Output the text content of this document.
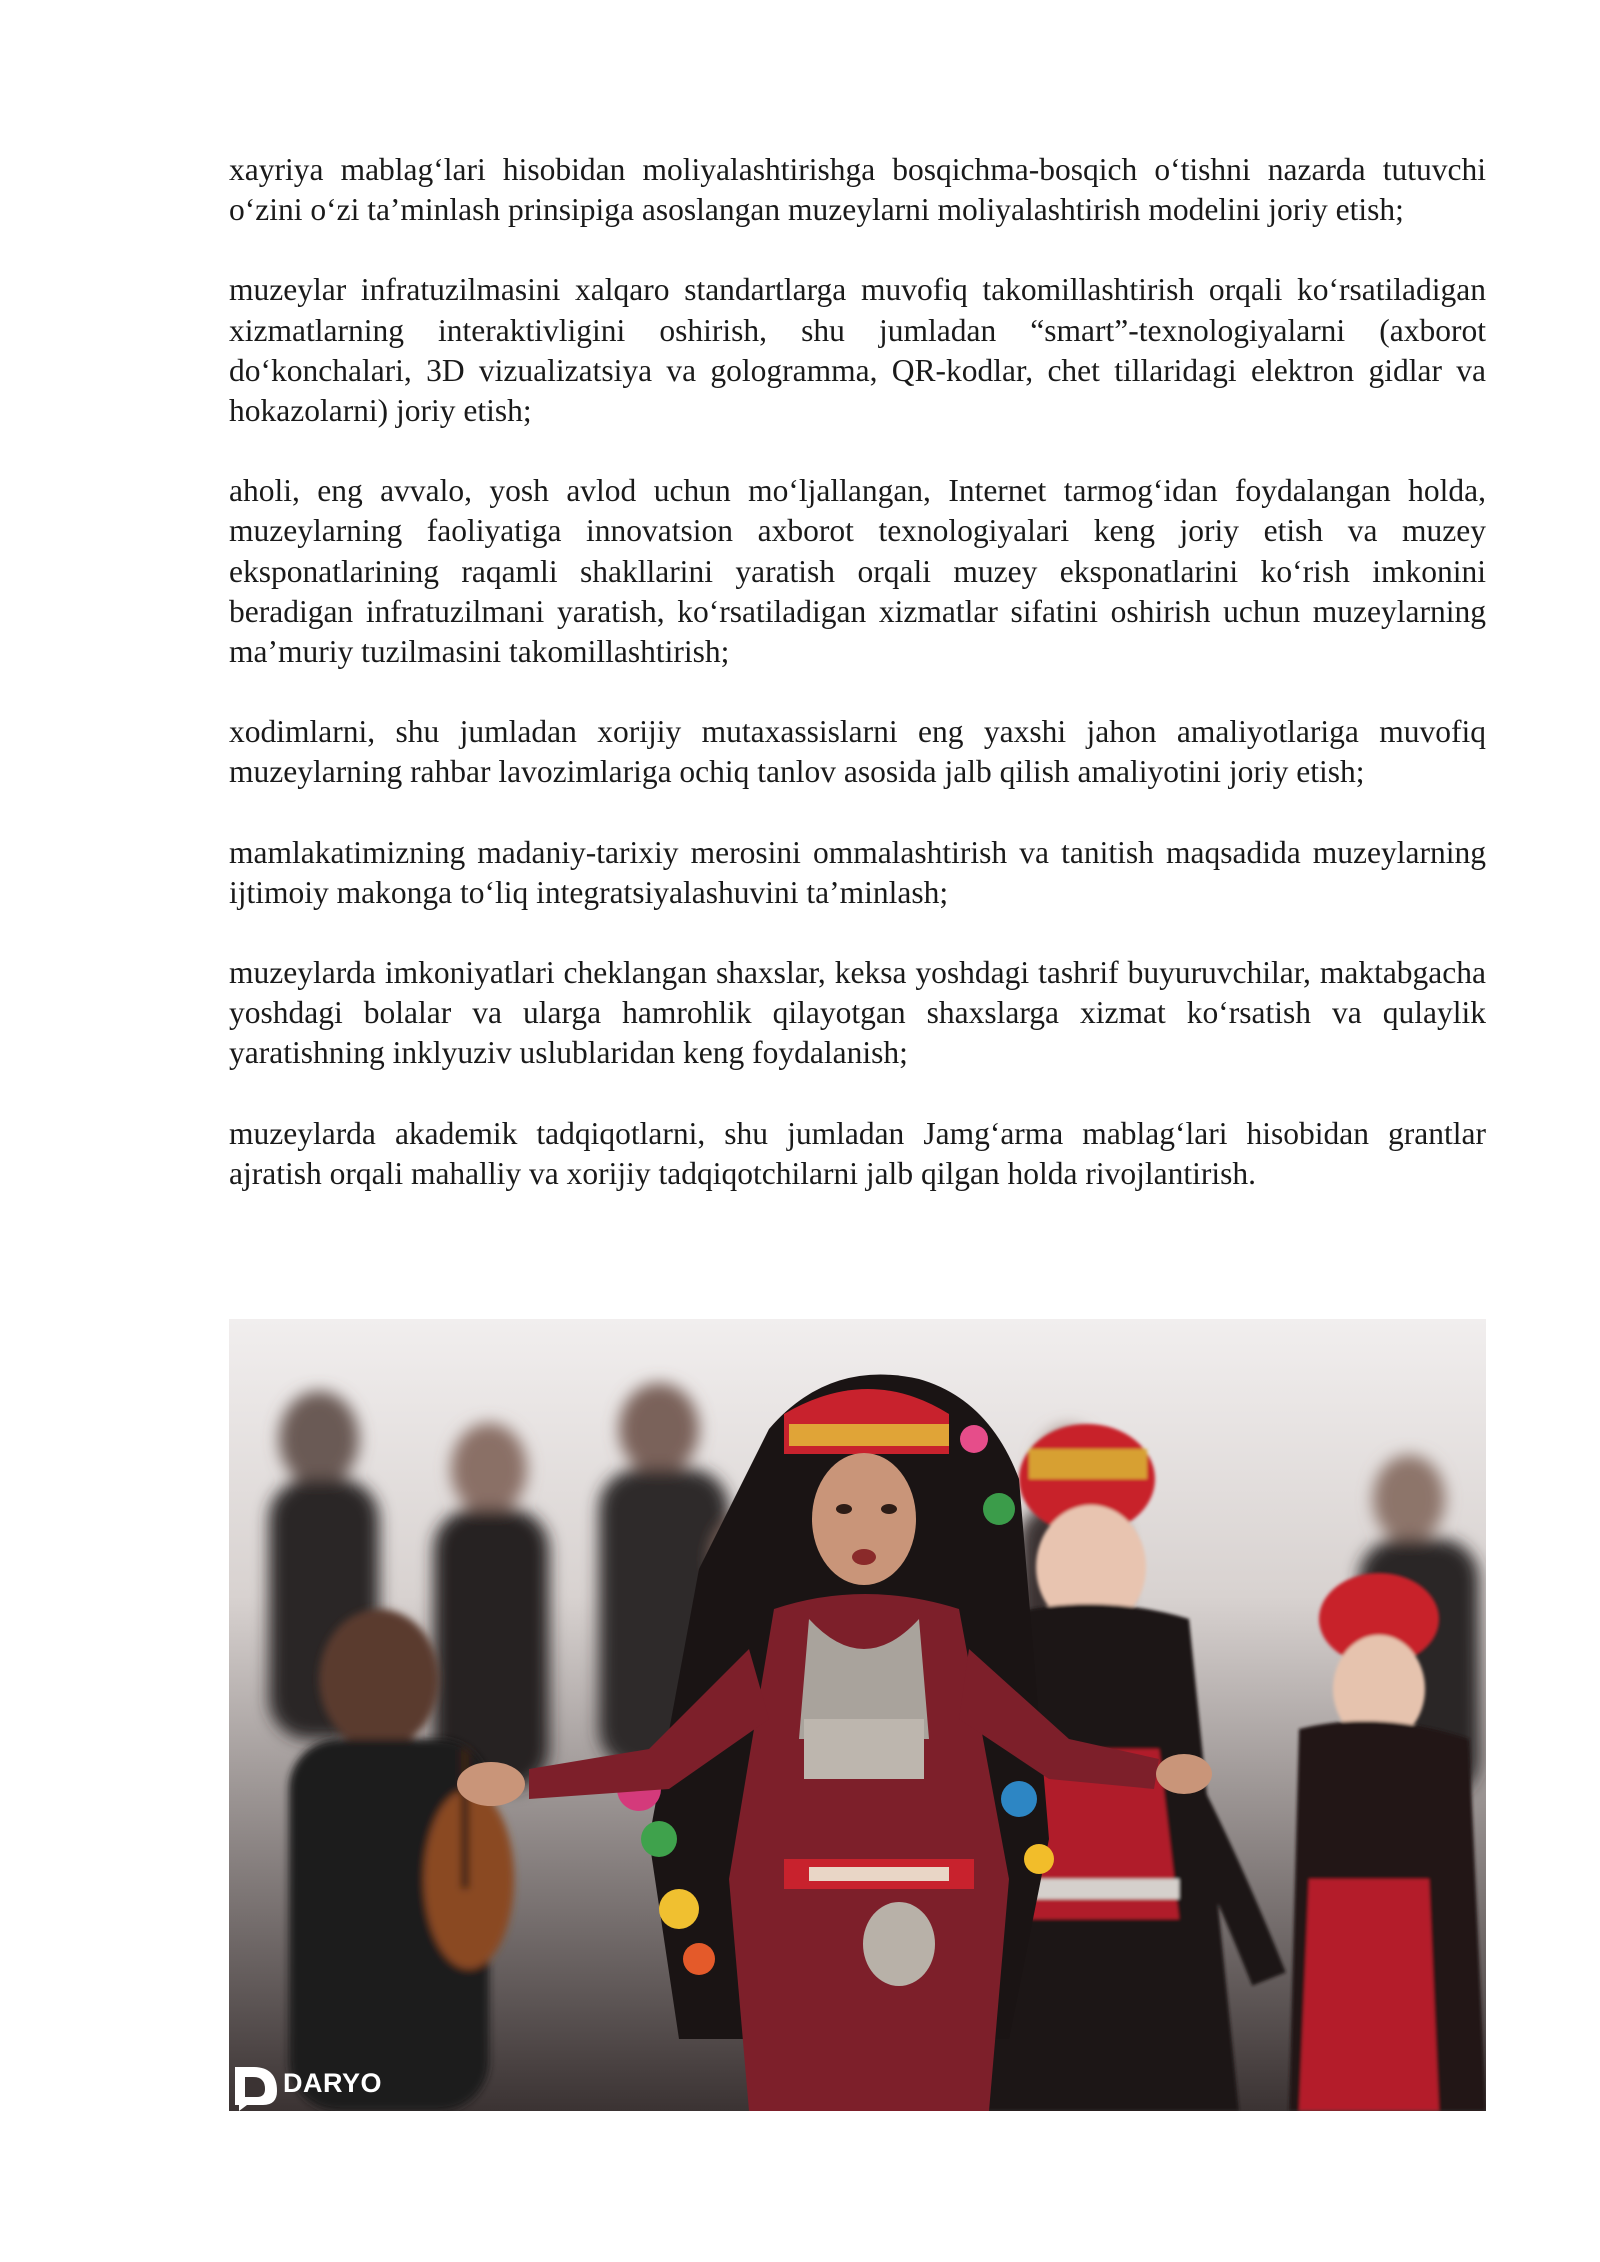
xayriya mablag‘lari hisobidan moliyalashtirishga bosqichma-bosqich o‘tishni nazarda tutuvchi o‘zini o‘zi ta’minlash prinsipiga asoslangan muzeylarni moliyalashtirish modelini joriy etish;

muzeylar infratuzilmasini xalqaro standartlarga muvofiq takomillashtirish orqali ko‘rsatiladigan xizmatlarning interaktivligini oshirish, shu jumladan “smart”-texnologiyalarni (axborot do‘konchalari, 3D vizualizatsiya va gologramma, QR-kodlar, chet tillaridagi elektron gidlar va hokazolarni) joriy etish;

aholi, eng avvalo, yosh avlod uchun mo‘ljallangan, Internet tarmog‘idan foydalangan holda, muzeylarning faoliyatiga innovatsion axborot texnologiyalari keng joriy etish va muzey eksponatlarining raqamli shakllarini yaratish orqali muzey eksponatlarini ko‘rish imkonini beradigan infratuzilmani yaratish, ko‘rsatiladigan xizmatlar sifatini oshirish uchun muzeylarning ma’muriy tuzilmasini takomillashtirish;

xodimlarni, shu jumladan xorijiy mutaxassislarni eng yaxshi jahon amaliyotlariga muvofiq muzeylarning rahbar lavozimlariga ochiq tanlov asosida jalb qilish amaliyotini joriy etish;

mamlakatimizning madaniy-tarixiy merosini ommalashtirish va tanitish maqsadida muzeylarning ijtimoiy makonga to‘liq integratsiyalashuvini ta’minlash;

muzeylarda imkoniyatlari cheklangan shaxslar, keksa yoshdagi tashrif buyuruvchilar, maktabgacha yoshdagi bolalar va ularga hamrohlik qilayotgan shaxslarga xizmat ko‘rsatish va qulaylik yaratishning inklyuziv uslublaridan keng foydalanish;

muzeylarda akademik tadqiqotlarni, shu jumladan Jamg‘arma mablag‘lari hisobidan grantlar ajratish orqali mahalliy va xorijiy tadqiqotchilarni jalb qilgan holda rivojlantirish.

DARYO
